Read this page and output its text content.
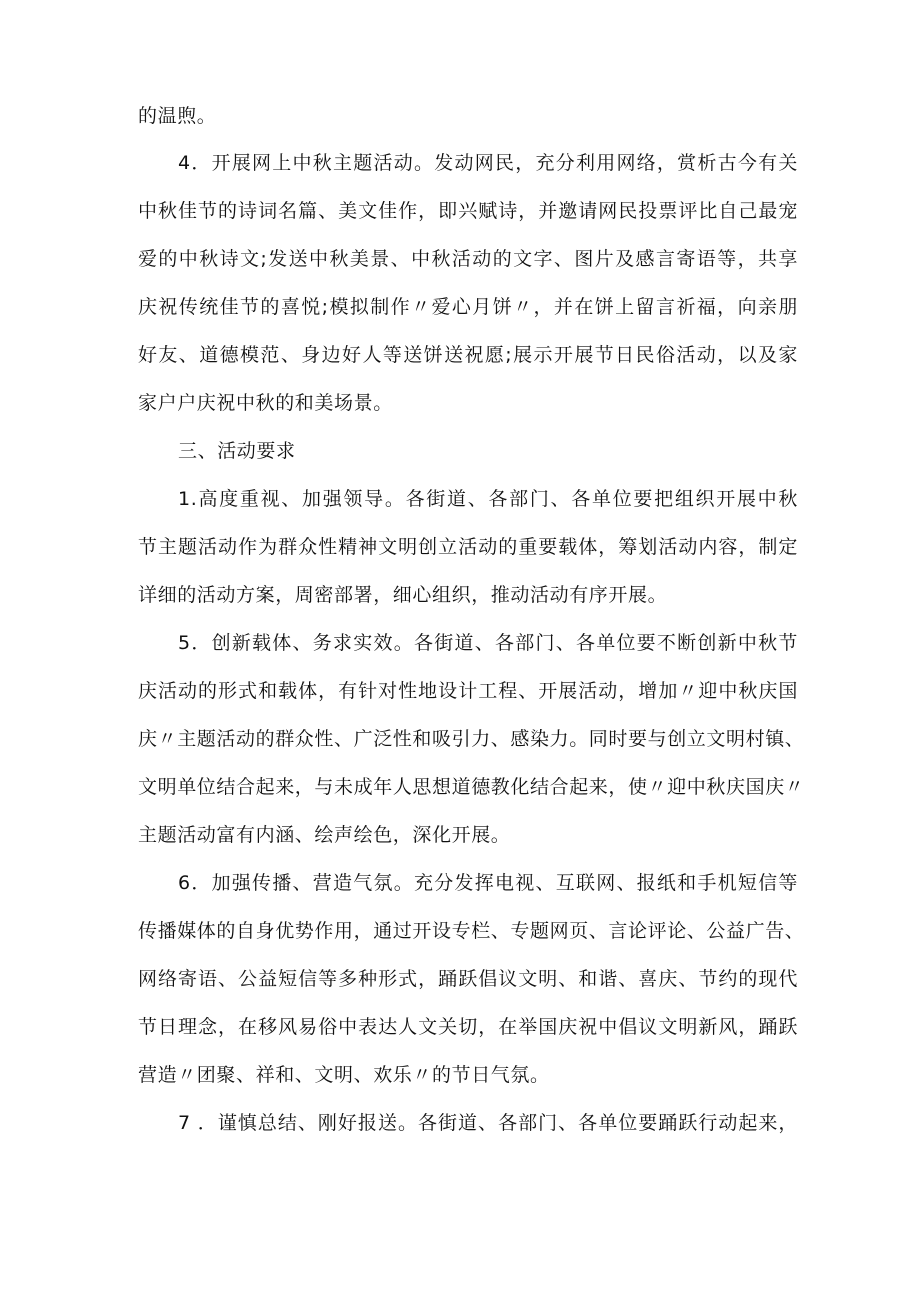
的温煦。
4．开展网上中秋主题活动。发动网民，充分利用网络，赏析古今有关
中秋佳节的诗词名篇、美文佳作，即兴赋诗，并邀请网民投票评比自己最宠
爱的中秋诗文;发送中秋美景、中秋活动的文字、图片及感言寄语等，共享
庆祝传统佳节的喜悦;模拟制作〃爱心月饼〃，并在饼上留言祈福，向亲朋
好友、道德模范、身边好人等送饼送祝愿;展示开展节日民俗活动，以及家
家户户庆祝中秋的和美场景。
三、活动要求
1.高度重视、加强领导。各街道、各部门、各单位要把组织开展中秋
节主题活动作为群众性精神文明创立活动的重要载体，筹划活动内容，制定
详细的活动方案，周密部署，细心组织，推动活动有序开展。
5．创新载体、务求实效。各街道、各部门、各单位要不断创新中秋节
庆活动的形式和载体，有针对性地设计工程、开展活动，增加〃迎中秋庆国
庆〃主题活动的群众性、广泛性和吸引力、感染力。同时要与创立文明村镇、
文明单位结合起来，与未成年人思想道德教化结合起来，使〃迎中秋庆国庆〃
主题活动富有内涵、绘声绘色，深化开展。
6．加强传播、营造气氛。充分发挥电视、互联网、报纸和手机短信等
传播媒体的自身优势作用，通过开设专栏、专题网页、言论评论、公益广告、
网络寄语、公益短信等多种形式，踊跃倡议文明、和谐、喜庆、节约的现代
节日理念，在移风易俗中表达人文关切，在举国庆祝中倡议文明新风，踊跃
营造〃团聚、祥和、文明、欢乐〃的节日气氛。
7 ．谨慎总结、刚好报送。各街道、各部门、各单位要踊跃行动起来，
